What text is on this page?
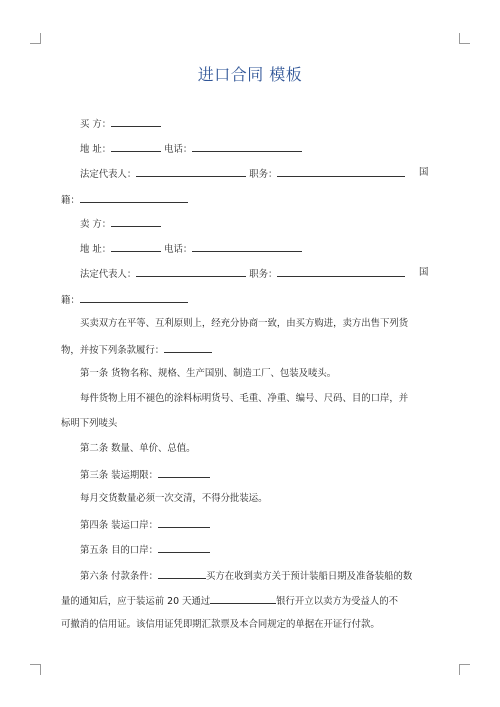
进口合同 模板
买 方：
地 址：	电话：
法定代表人：	职务：	国
籍：
卖 方：
地 址：	电话：
法定代表人：	职务：	国
籍：
买卖双方在平等、互利原则上，经充分协商一致，由买方购进，卖方出售下列货
物，并按下列条款履行：
第一条 货物名称、规格、生产国别、制造工厂、包装及唛头。
每件货物上用不褪色的涂料标明货号、毛重、净重、编号、尺码、目的口岸，并
标明下列唛头
第二条 数量、单价、总值。
第三条 装运期限：
每月交货数量必须一次交清，不得分批装运。
第四条 装运口岸：
第五条 目的口岸：
第六条 付款条件：	买方在收到卖方关于预计装船日期及准备装船的数
量的通知后，应于装运前 20 天通过	银行开立以卖方为受益人的不
可撤消的信用证。该信用证凭即期汇款票及本合同规定的单据在开证行付款。
